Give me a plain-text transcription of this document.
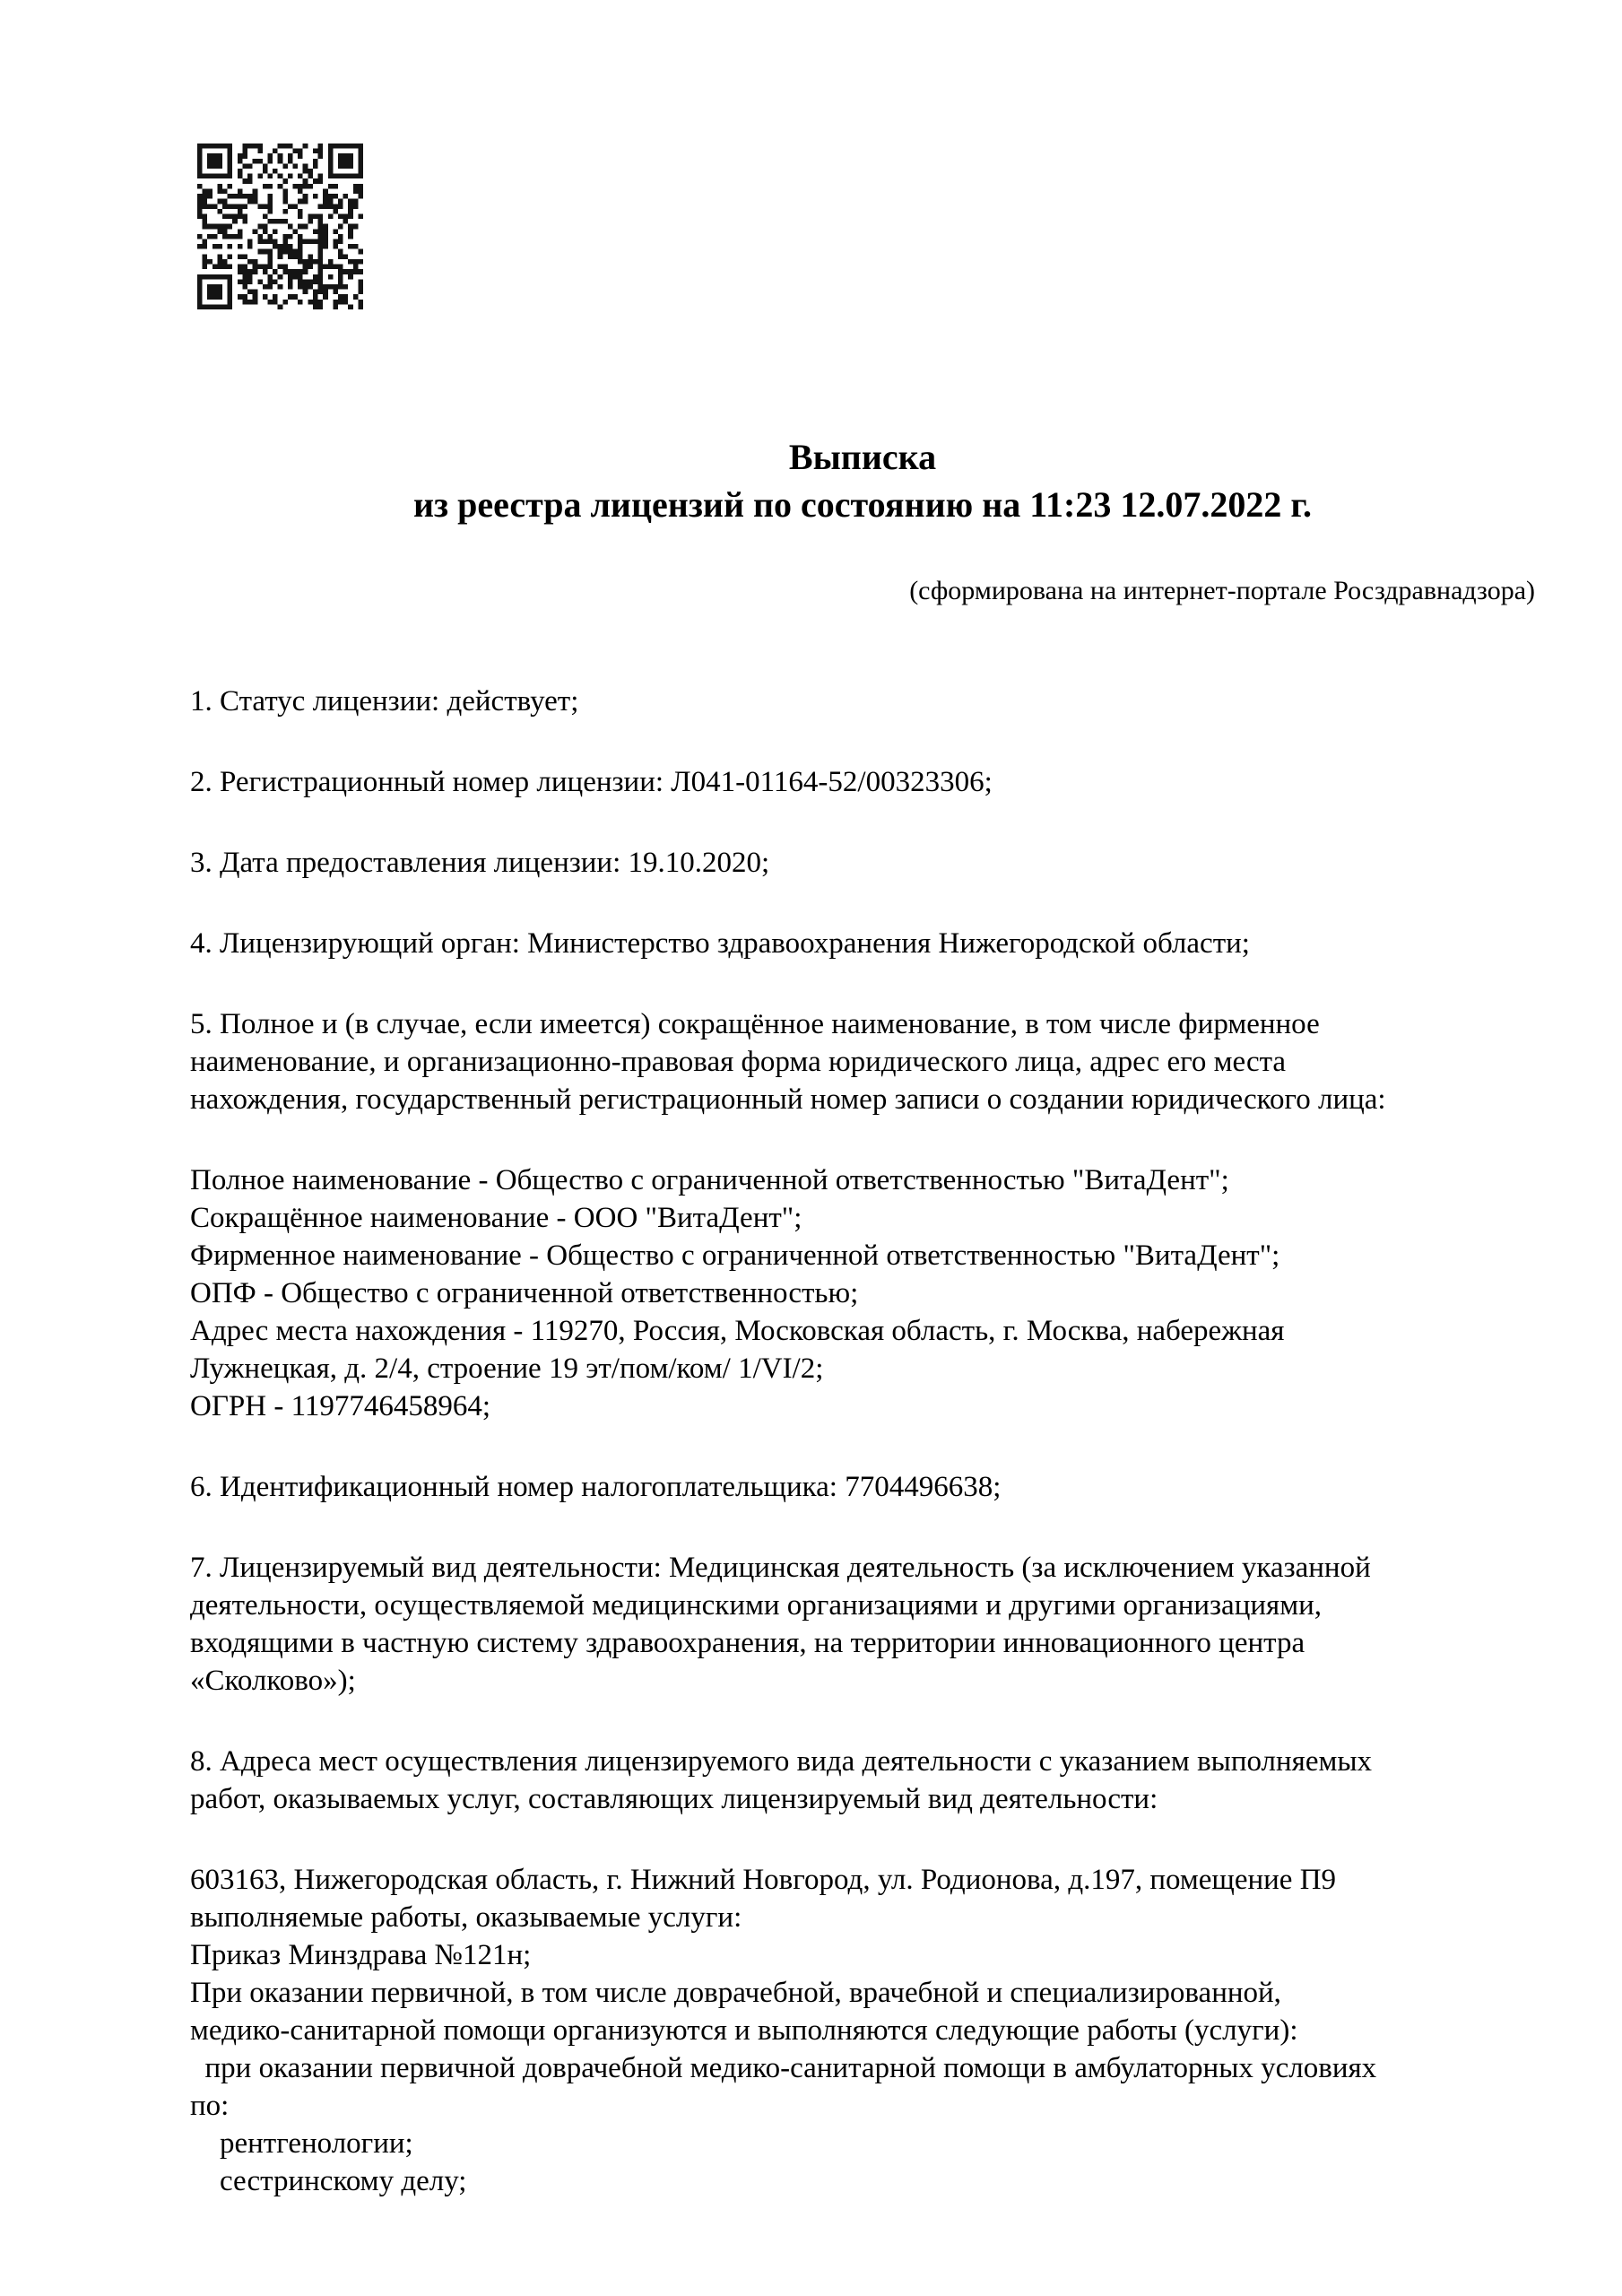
Выписка
из реестра лицензий по состоянию на 11:23 12.07.2022 г.
(сформирована на интернет-портале Росздравнадзора)

1. Статус лицензии: действует;

2. Регистрационный номер лицензии: Л041-01164-52/00323306;

3. Дата предоставления лицензии: 19.10.2020;

4. Лицензирующий орган: Министерство здравоохранения Нижегородской области;

5. Полное и (в случае, если имеется) сокращённое наименование, в том числе фирменное
наименование, и организационно-правовая форма юридического лица, адрес его места
нахождения, государственный регистрационный номер записи о создании юридического лица:

Полное наименование - Общество с ограниченной ответственностью "ВитаДент";
Сокращённое наименование - ООО "ВитаДент";
Фирменное наименование - Общество с ограниченной ответственностью "ВитаДент";
ОПФ - Общество с ограниченной ответственностью;
Адрес места нахождения - 119270, Россия, Московская область, г. Москва, набережная
Лужнецкая, д. 2/4, строение 19 эт/пом/ком/ 1/VI/2;
ОГРН - 1197746458964;

6. Идентификационный номер налогоплательщика: 7704496638;

7. Лицензируемый вид деятельности: Медицинская деятельность (за исключением указанной
деятельности, осуществляемой медицинскими организациями и другими организациями,
входящими в частную систему здравоохранения, на территории инновационного центра
«Сколково»);

8. Адреса мест осуществления лицензируемого вида деятельности с указанием выполняемых
работ, оказываемых услуг, составляющих лицензируемый вид деятельности:

603163, Нижегородская область, г. Нижний Новгород, ул. Родионова, д.197, помещение П9
выполняемые работы, оказываемые услуги:
Приказ Минздрава №121н;
При оказании первичной, в том числе доврачебной, врачебной и специализированной,
медико-санитарной помощи организуются и выполняются следующие работы (услуги):
при оказании первичной доврачебной медико-санитарной помощи в амбулаторных условиях
по:
рентгенологии;
сестринскому делу;
